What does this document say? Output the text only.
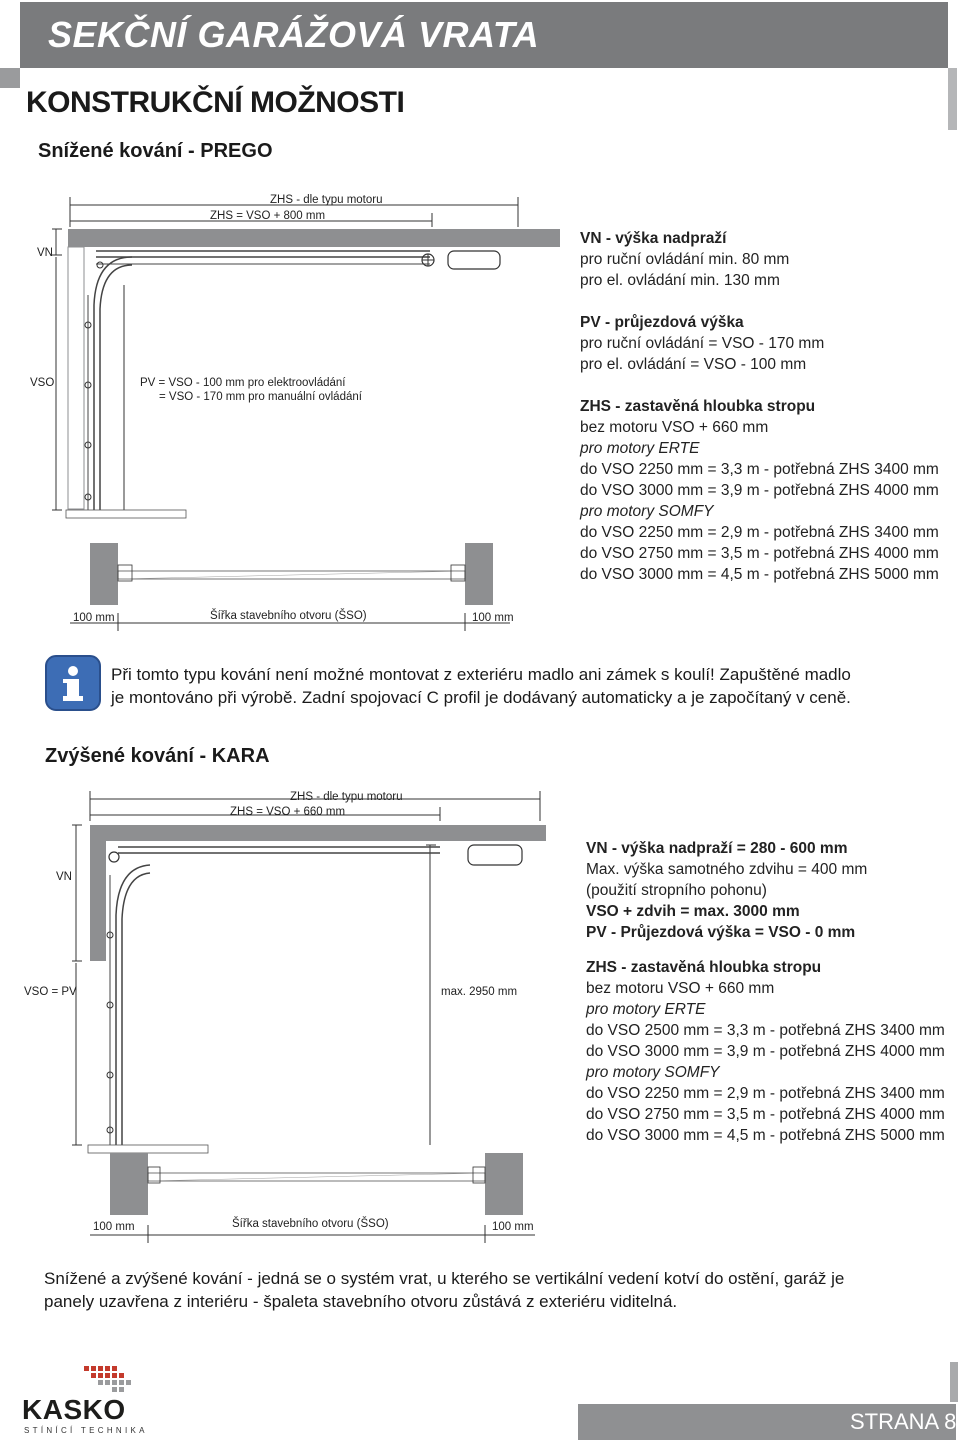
SEKČNÍ GARÁŽOVÁ VRATA
KONSTRUKČNÍ MOŽNOSTI
Snížené kování - PREGO
ZHS - dle typu motoru
ZHS = VSO + 800 mm
VN
VSO	PV = VSO - 100 mm pro elektroovládání
= VSO - 170 mm pro manuální ovládání
100 mm	Šířka stavebního otvoru (ŠSO)	100 mm
VN - výška nadpraží
pro ruční ovládání min. 80 mm
pro el. ovládání min. 130 mm
PV - průjezdová výška
pro ruční ovládání = VSO - 170 mm
pro el. ovládání = VSO - 100 mm
ZHS - zastavěná hloubka stropu
bez motoru VSO + 660 mm
pro motory ERTE
do VSO 2250 mm = 3,3 m - potřebná ZHS 3400 mm
do VSO 3000 mm = 3,9 m - potřebná ZHS 4000 mm
pro motory SOMFY
do VSO 2250 mm = 2,9 m - potřebná ZHS 3400 mm
do VSO 2750 mm = 3,5 m - potřebná ZHS 4000 mm
do VSO 3000 mm = 4,5 m - potřebná ZHS 5000 mm
Při tomto typu kování není možné montovat z exteriéru madlo ani zámek s koulí! Zapuštěné madlo
je montováno při výrobě. Zadní spojovací C profil je dodávaný automaticky a je započítaný v ceně.
Zvýšené kování - KARA
ZHS - dle typu motoru
ZHS = VSO + 660 mm
VN
VSO = PV	max. 2950 mm
100 mm	Šířka stavebního otvoru (ŠSO)	100 mm
VN - výška nadpraží = 280 - 600 mm
Max. výška samotného zdvihu = 400 mm
(použití stropního pohonu)
VSO + zdvih = max. 3000 mm
PV - Průjezdová výška = VSO - 0 mm
ZHS - zastavěná hloubka stropu
bez motoru VSO + 660 mm
pro motory ERTE
do VSO 2500 mm = 3,3 m - potřebná ZHS 3400 mm
do VSO 3000 mm = 3,9 m - potřebná ZHS 4000 mm
pro motory SOMFY
do VSO 2250 mm = 2,9 m - potřebná ZHS 3400 mm
do VSO 2750 mm = 3,5 m - potřebná ZHS 4000 mm
do VSO 3000 mm = 4,5 m - potřebná ZHS 5000 mm
Snížené a zvýšené kování - jedná se o systém vrat, u kterého se vertikální vedení kotví do ostění, garáž je
panely uzavřena z interiéru - špaleta stavebního otvoru zůstává z exteriéru viditelná.
KASKO
STÍNÍCÍ TECHNIKA	STRANA 8
